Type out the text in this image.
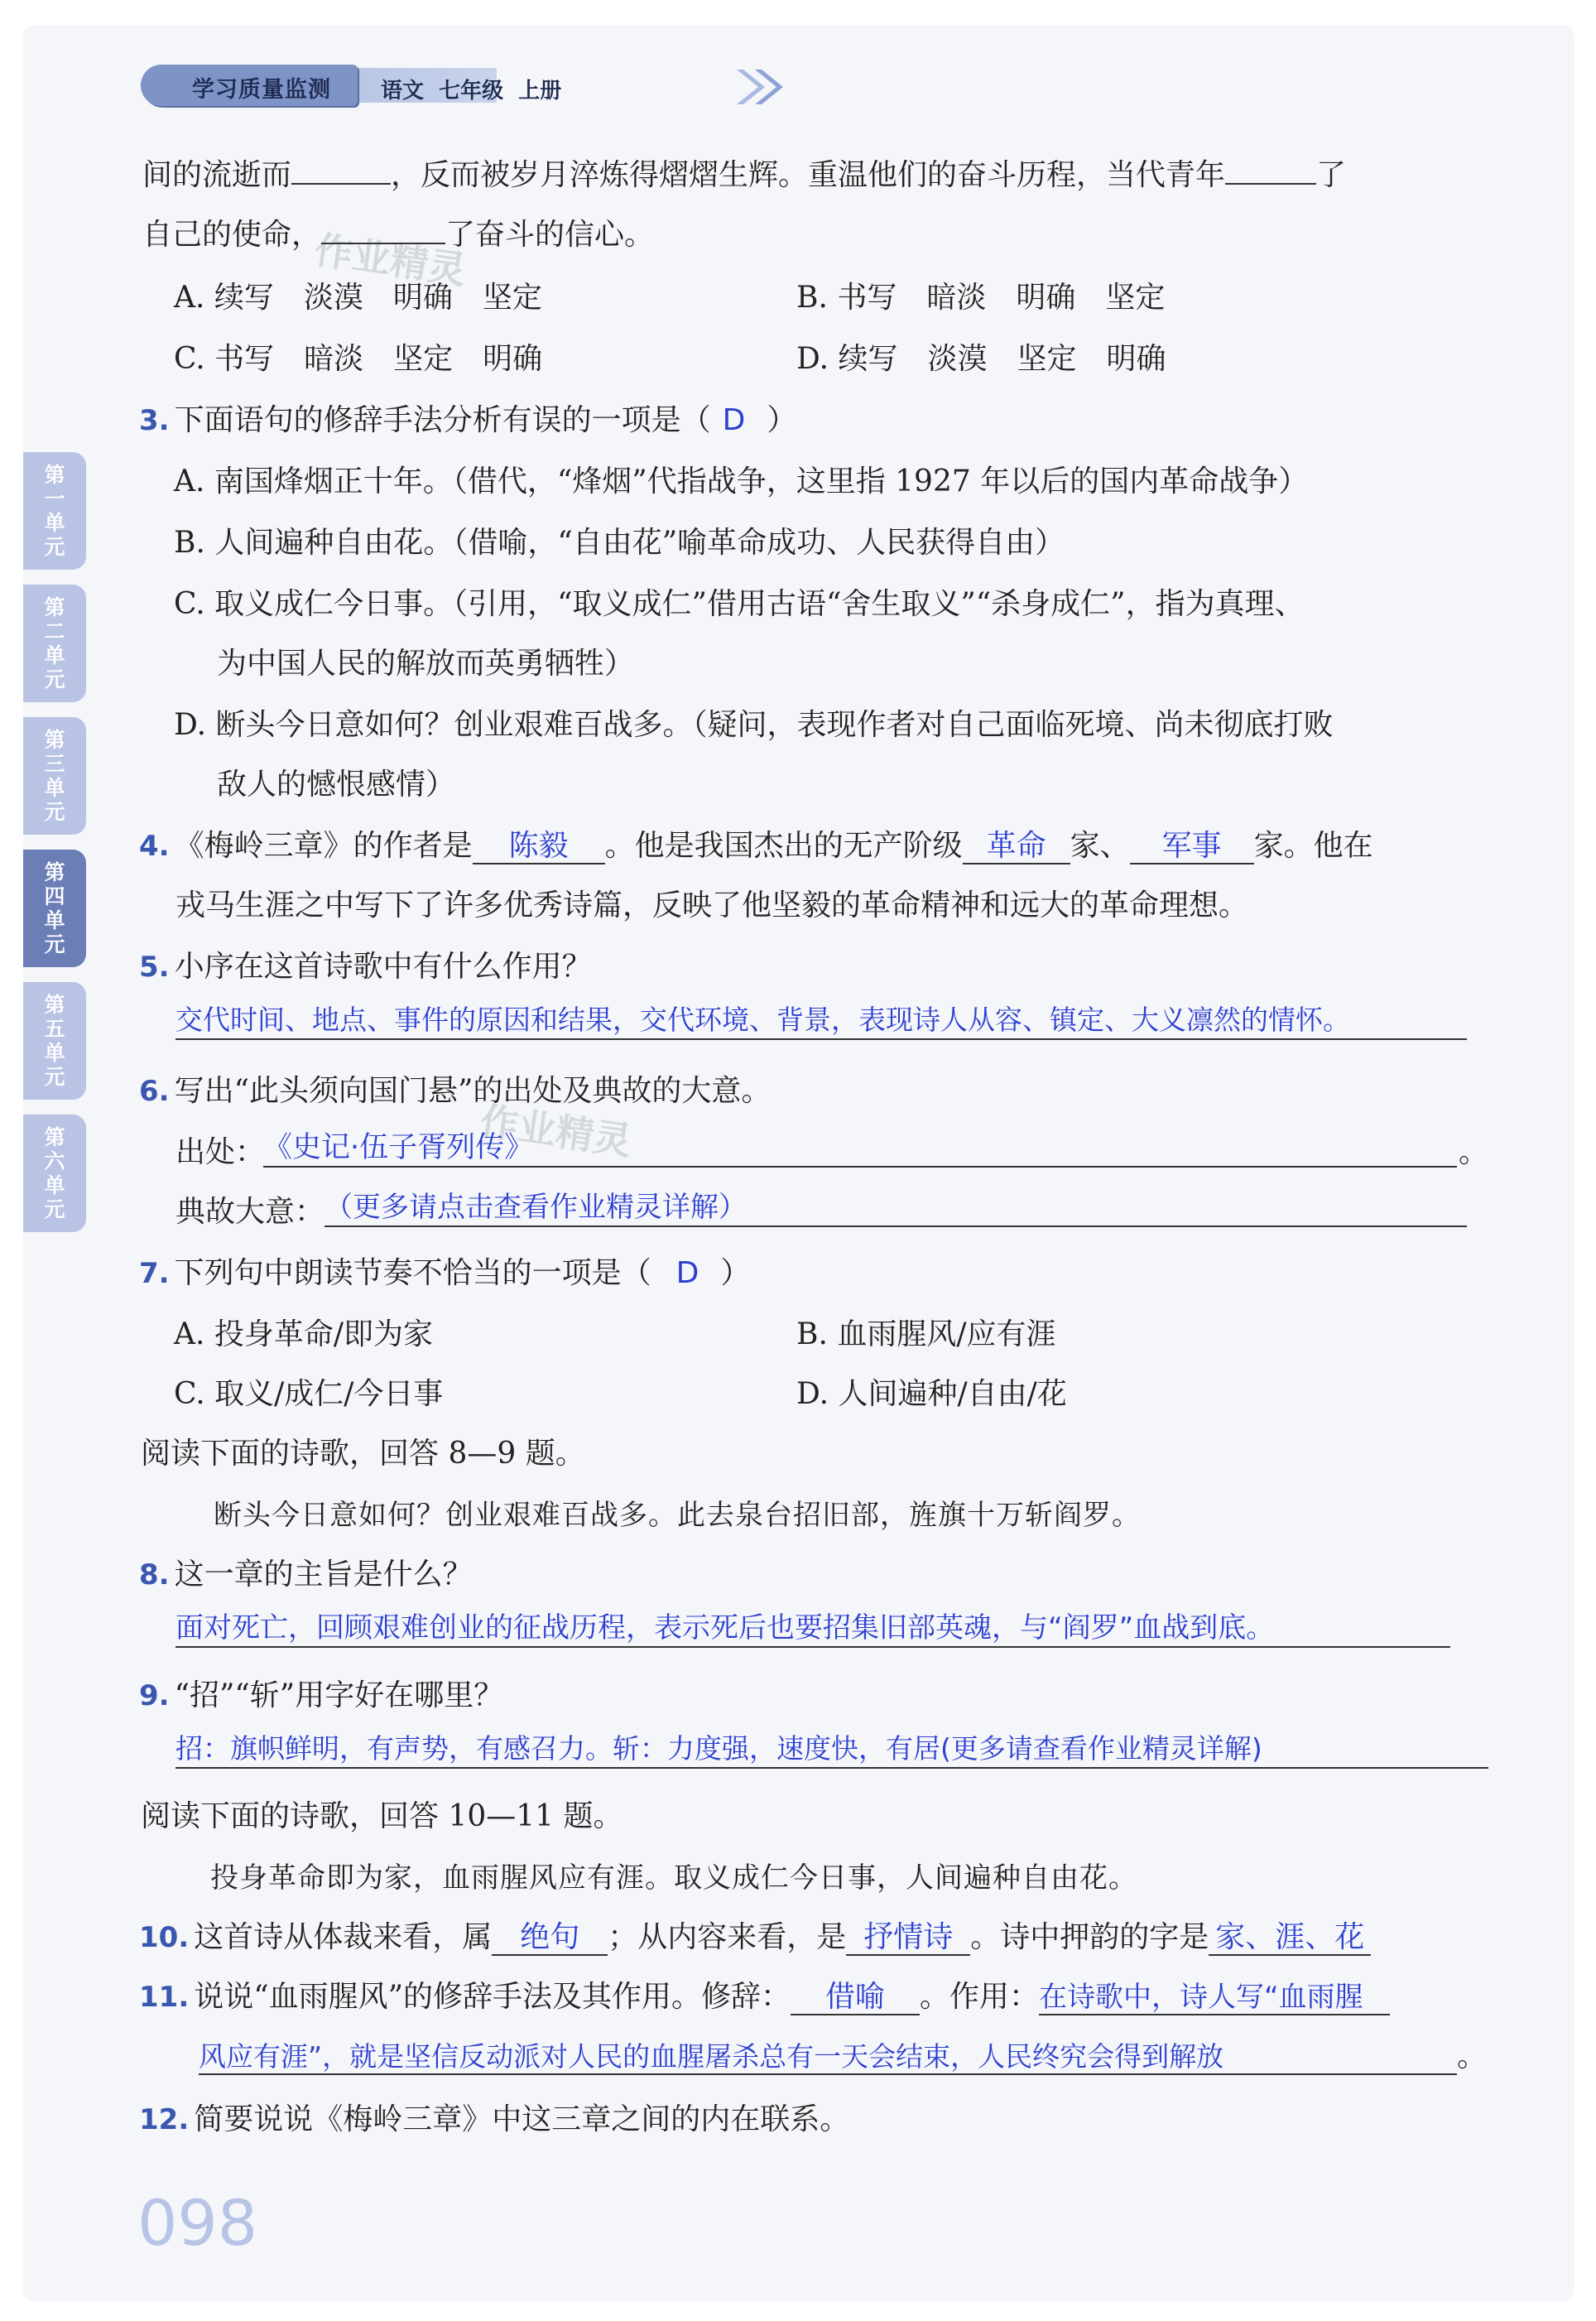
学习质量监测 语文 七年级 上册
第一单元
第二单元
第三单元
第四单元
第五单元
第六单元
作业精灵
作业精灵
间的流逝而	，反而被岁月淬炼得熠熠生辉。重温他们的奋斗历程，当代青年	了
自己的使命，	了奋斗的信心。
A. 续写　淡漠　明确　坚定	B. 书写　暗淡　明确　坚定
C. 书写　暗淡　坚定　明确	D. 续写　淡漠　坚定　明确
3. 下面语句的修辞手法分析有误的一项是（ D ）
A. 南国烽烟正十年。（借代，“烽烟”代指战争，这里指 1927 年以后的国内革命战争）
B. 人间遍种自由花。（借喻，“自由花”喻革命成功、人民获得自由）
C. 取义成仁今日事。（引用，“取义成仁”借用古语“舍生取义”“杀身成仁”，指为真理、
为中国人民的解放而英勇牺牲）
D. 断头今日意如何？创业艰难百战多。（疑问，表现作者对自己面临死境、尚未彻底打败
敌人的憾恨感情）
4. 《梅岭三章》的作者是 陈毅 。他是我国杰出的无产阶级 革命 家、 军事 家。他在
戎马生涯之中写下了许多优秀诗篇，反映了他坚毅的革命精神和远大的革命理想。
5. 小序在这首诗歌中有什么作用？
交代时间、地点、事件的原因和结果，交代环境、背景，表现诗人从容、镇定、大义凛然的情怀。
6. 写出“此头须向国门悬”的出处及典故的大意。
出处：
《史记·伍子胥列传》	。
典故大意： （更多请点击查看作业精灵详解）
7. 下列句中朗读节奏不恰当的一项是（ D ）
A. 投身革命/即为家	B. 血雨腥风/应有涯
C. 取义/成仁/今日事	D. 人间遍种/自由/花
阅读下面的诗歌，回答 8—9 题。
断头今日意如何？创业艰难百战多。此去泉台招旧部，旌旗十万斩阎罗。
8. 这一章的主旨是什么？
面对死亡，回顾艰难创业的征战历程，表示死后也要招集旧部英魂，与“阎罗”血战到底。
9. “招”“斩”用字好在哪里？
招：旗帜鲜明，有声势，有感召力。斩：力度强，速度快，有居(更多请查看作业精灵详解)
阅读下面的诗歌，回答 10—11 题。
投身革命即为家，血雨腥风应有涯。取义成仁今日事，人间遍种自由花。
10. 这首诗从体裁来看，属 绝句 ；从内容来看，是 抒情诗 。诗中押韵的字是 家、涯、花
11. 说说“血雨腥风”的修辞手法及其作用。修辞： 借喻 。作用：在诗歌中，诗人写“血雨腥
风应有涯”，就是坚信反动派对人民的血腥屠杀总有一天会结束，人民终究会得到解放	。
12. 简要说说《梅岭三章》中这三章之间的内在联系。
098
